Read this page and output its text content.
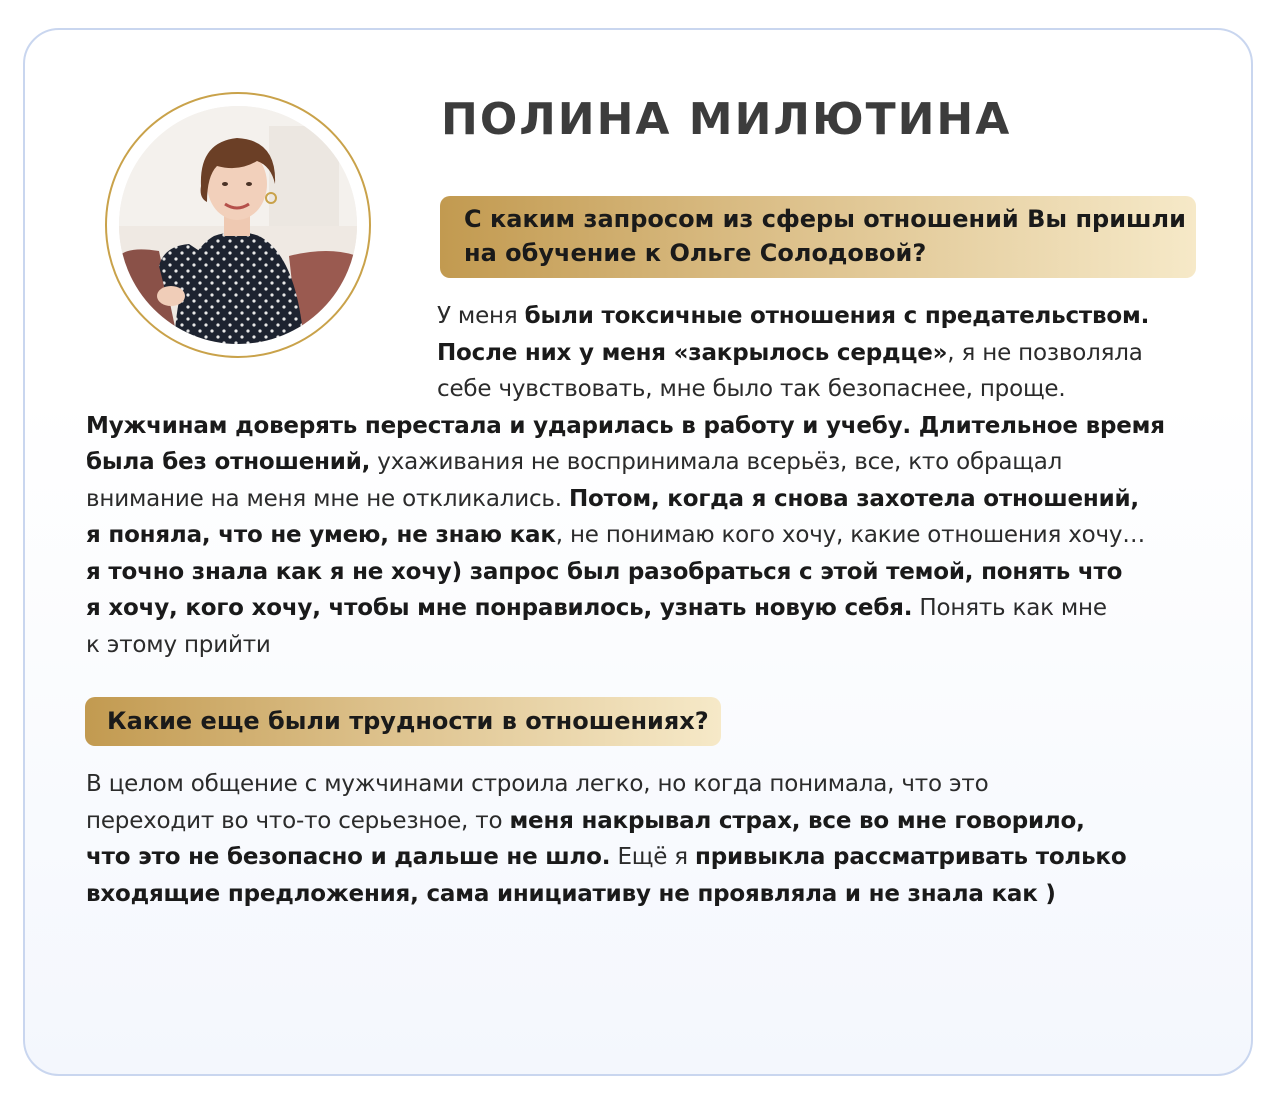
ПОЛИНА МИЛЮТИНА
С каким запросом из сферы отношений Вы пришли
на обучение к Ольге Солодовой?
У меня были токсичные отношения с предательством.
После них у меня «закрылось сердце», я не позволяла
себе чувствовать, мне было так безопаснее, проще.
Мужчинам доверять перестала и ударилась в работу и учебу. Длительное время
была без отношений, ухаживания не воспринимала всерьёз, все, кто обращал
внимание на меня мне не откликались. Потом, когда я снова захотела отношений,
я поняла, что не умею, не знаю как, не понимаю кого хочу, какие отношения хочу…
я точно знала как я не хочу) запрос был разобраться с этой темой, понять что
я хочу, кого хочу, чтобы мне понравилось, узнать новую себя. Понять как мне
к этому прийти
Какие еще были трудности в отношениях?
В целом общение с мужчинами строила легко, но когда понимала, что это
переходит во что-то серьезное, то меня накрывал страх, все во мне говорило,
что это не безопасно и дальше не шло. Ещё я привыкла рассматривать только
входящие предложения, сама инициативу не проявляла и не знала как )
